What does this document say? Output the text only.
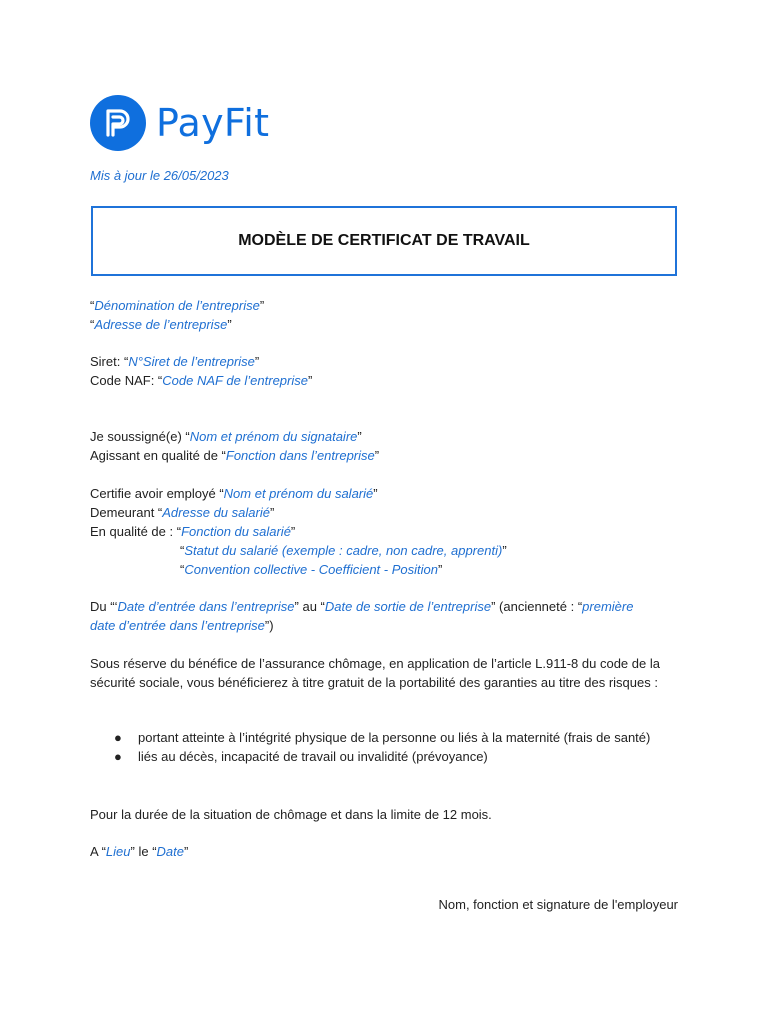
PayFit
Mis à jour le 26/05/2023
MODÈLE DE CERTIFICAT DE TRAVAIL
“Dénomination de l’entreprise”
“Adresse de l’entreprise”
Siret: “N°Siret de l’entreprise”
Code NAF: “Code NAF de l’entreprise”
Je soussigné(e) “Nom et prénom du signataire”
Agissant en qualité de “Fonction dans l’entreprise”
Certifie avoir employé “Nom et prénom du salarié”
Demeurant “Adresse du salarié”
En qualité de : “Fonction du salarié”
“Statut du salarié (exemple : cadre, non cadre, apprenti)”
“Convention collective - Coefficient - Position”
Du “‘Date d’entrée dans l’entreprise” au “Date de sortie de l’entreprise” (ancienneté : “première
date d’entrée dans l’entreprise”)
Sous réserve du bénéfice de l’assurance chômage, en application de l’article L.911-8 du code de la sécurité sociale, vous bénéficierez à titre gratuit de la portabilité des garanties au titre des risques :
● portant atteinte à l’intégrité physique de la personne ou liés à la maternité (frais de santé)
● liés au décès, incapacité de travail ou invalidité (prévoyance)
Pour la durée de la situation de chômage et dans la limite de 12 mois.
A “Lieu” le “Date”
Nom, fonction et signature de l'employeur
